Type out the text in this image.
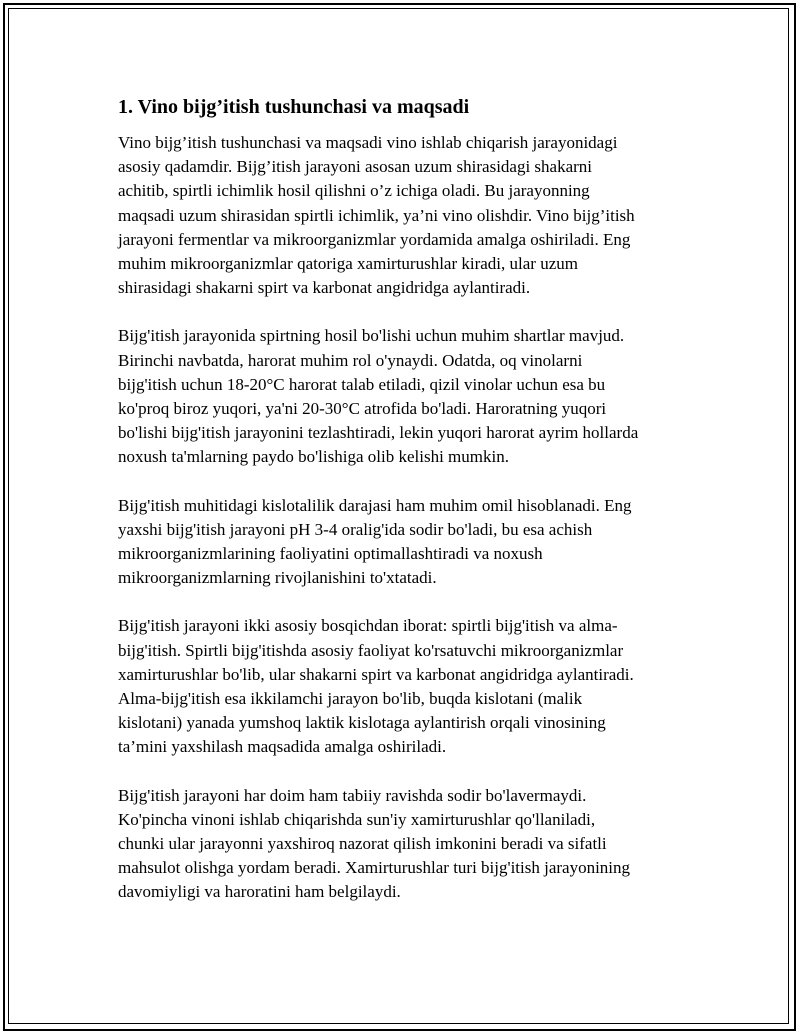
1. Vino bijg’itish tushunchasi va maqsadi

Vino bijg’itish tushunchasi va maqsadi vino ishlab chiqarish jarayonidagi
asosiy qadamdir. Bijg’itish jarayoni asosan uzum shirasidagi shakarni
achitib, spirtli ichimlik hosil qilishni o’z ichiga oladi. Bu jarayonning
maqsadi uzum shirasidan spirtli ichimlik, ya’ni vino olishdir. Vino bijg’itish
jarayoni fermentlar va mikroorganizmlar yordamida amalga oshiriladi. Eng
muhim mikroorganizmlar qatoriga xamirturushlar kiradi, ular uzum
shirasidagi shakarni spirt va karbonat angidridga aylantiradi.

Bijg'itish jarayonida spirtning hosil bo'lishi uchun muhim shartlar mavjud.
Birinchi navbatda, harorat muhim rol o'ynaydi. Odatda, oq vinolarni
bijg'itish uchun 18-20°C harorat talab etiladi, qizil vinolar uchun esa bu
ko'proq biroz yuqori, ya'ni 20-30°C atrofida bo'ladi. Haroratning yuqori
bo'lishi bijg'itish jarayonini tezlashtiradi, lekin yuqori harorat ayrim hollarda
noxush ta'mlarning paydo bo'lishiga olib kelishi mumkin.

Bijg'itish muhitidagi kislotalilik darajasi ham muhim omil hisoblanadi. Eng
yaxshi bijg'itish jarayoni pH 3-4 oralig'ida sodir bo'ladi, bu esa achish
mikroorganizmlarining faoliyatini optimallashtiradi va noxush
mikroorganizmlarning rivojlanishini to'xtatadi.

Bijg'itish jarayoni ikki asosiy bosqichdan iborat: spirtli bijg'itish va alma-
bijg'itish. Spirtli bijg'itishda asosiy faoliyat ko'rsatuvchi mikroorganizmlar
xamirturushlar bo'lib, ular shakarni spirt va karbonat angidridga aylantiradi.
Alma-bijg'itish esa ikkilamchi jarayon bo'lib, buqda kislotani (malik
kislotani) yanada yumshoq laktik kislotaga aylantirish orqali vinosining
ta’mini yaxshilash maqsadida amalga oshiriladi.

Bijg'itish jarayoni har doim ham tabiiy ravishda sodir bo'lavermaydi.
Ko'pincha vinoni ishlab chiqarishda sun'iy xamirturushlar qo'llaniladi,
chunki ular jarayonni yaxshiroq nazorat qilish imkonini beradi va sifatli
mahsulot olishga yordam beradi. Xamirturushlar turi bijg'itish jarayonining
davomiyligi va haroratini ham belgilaydi.
